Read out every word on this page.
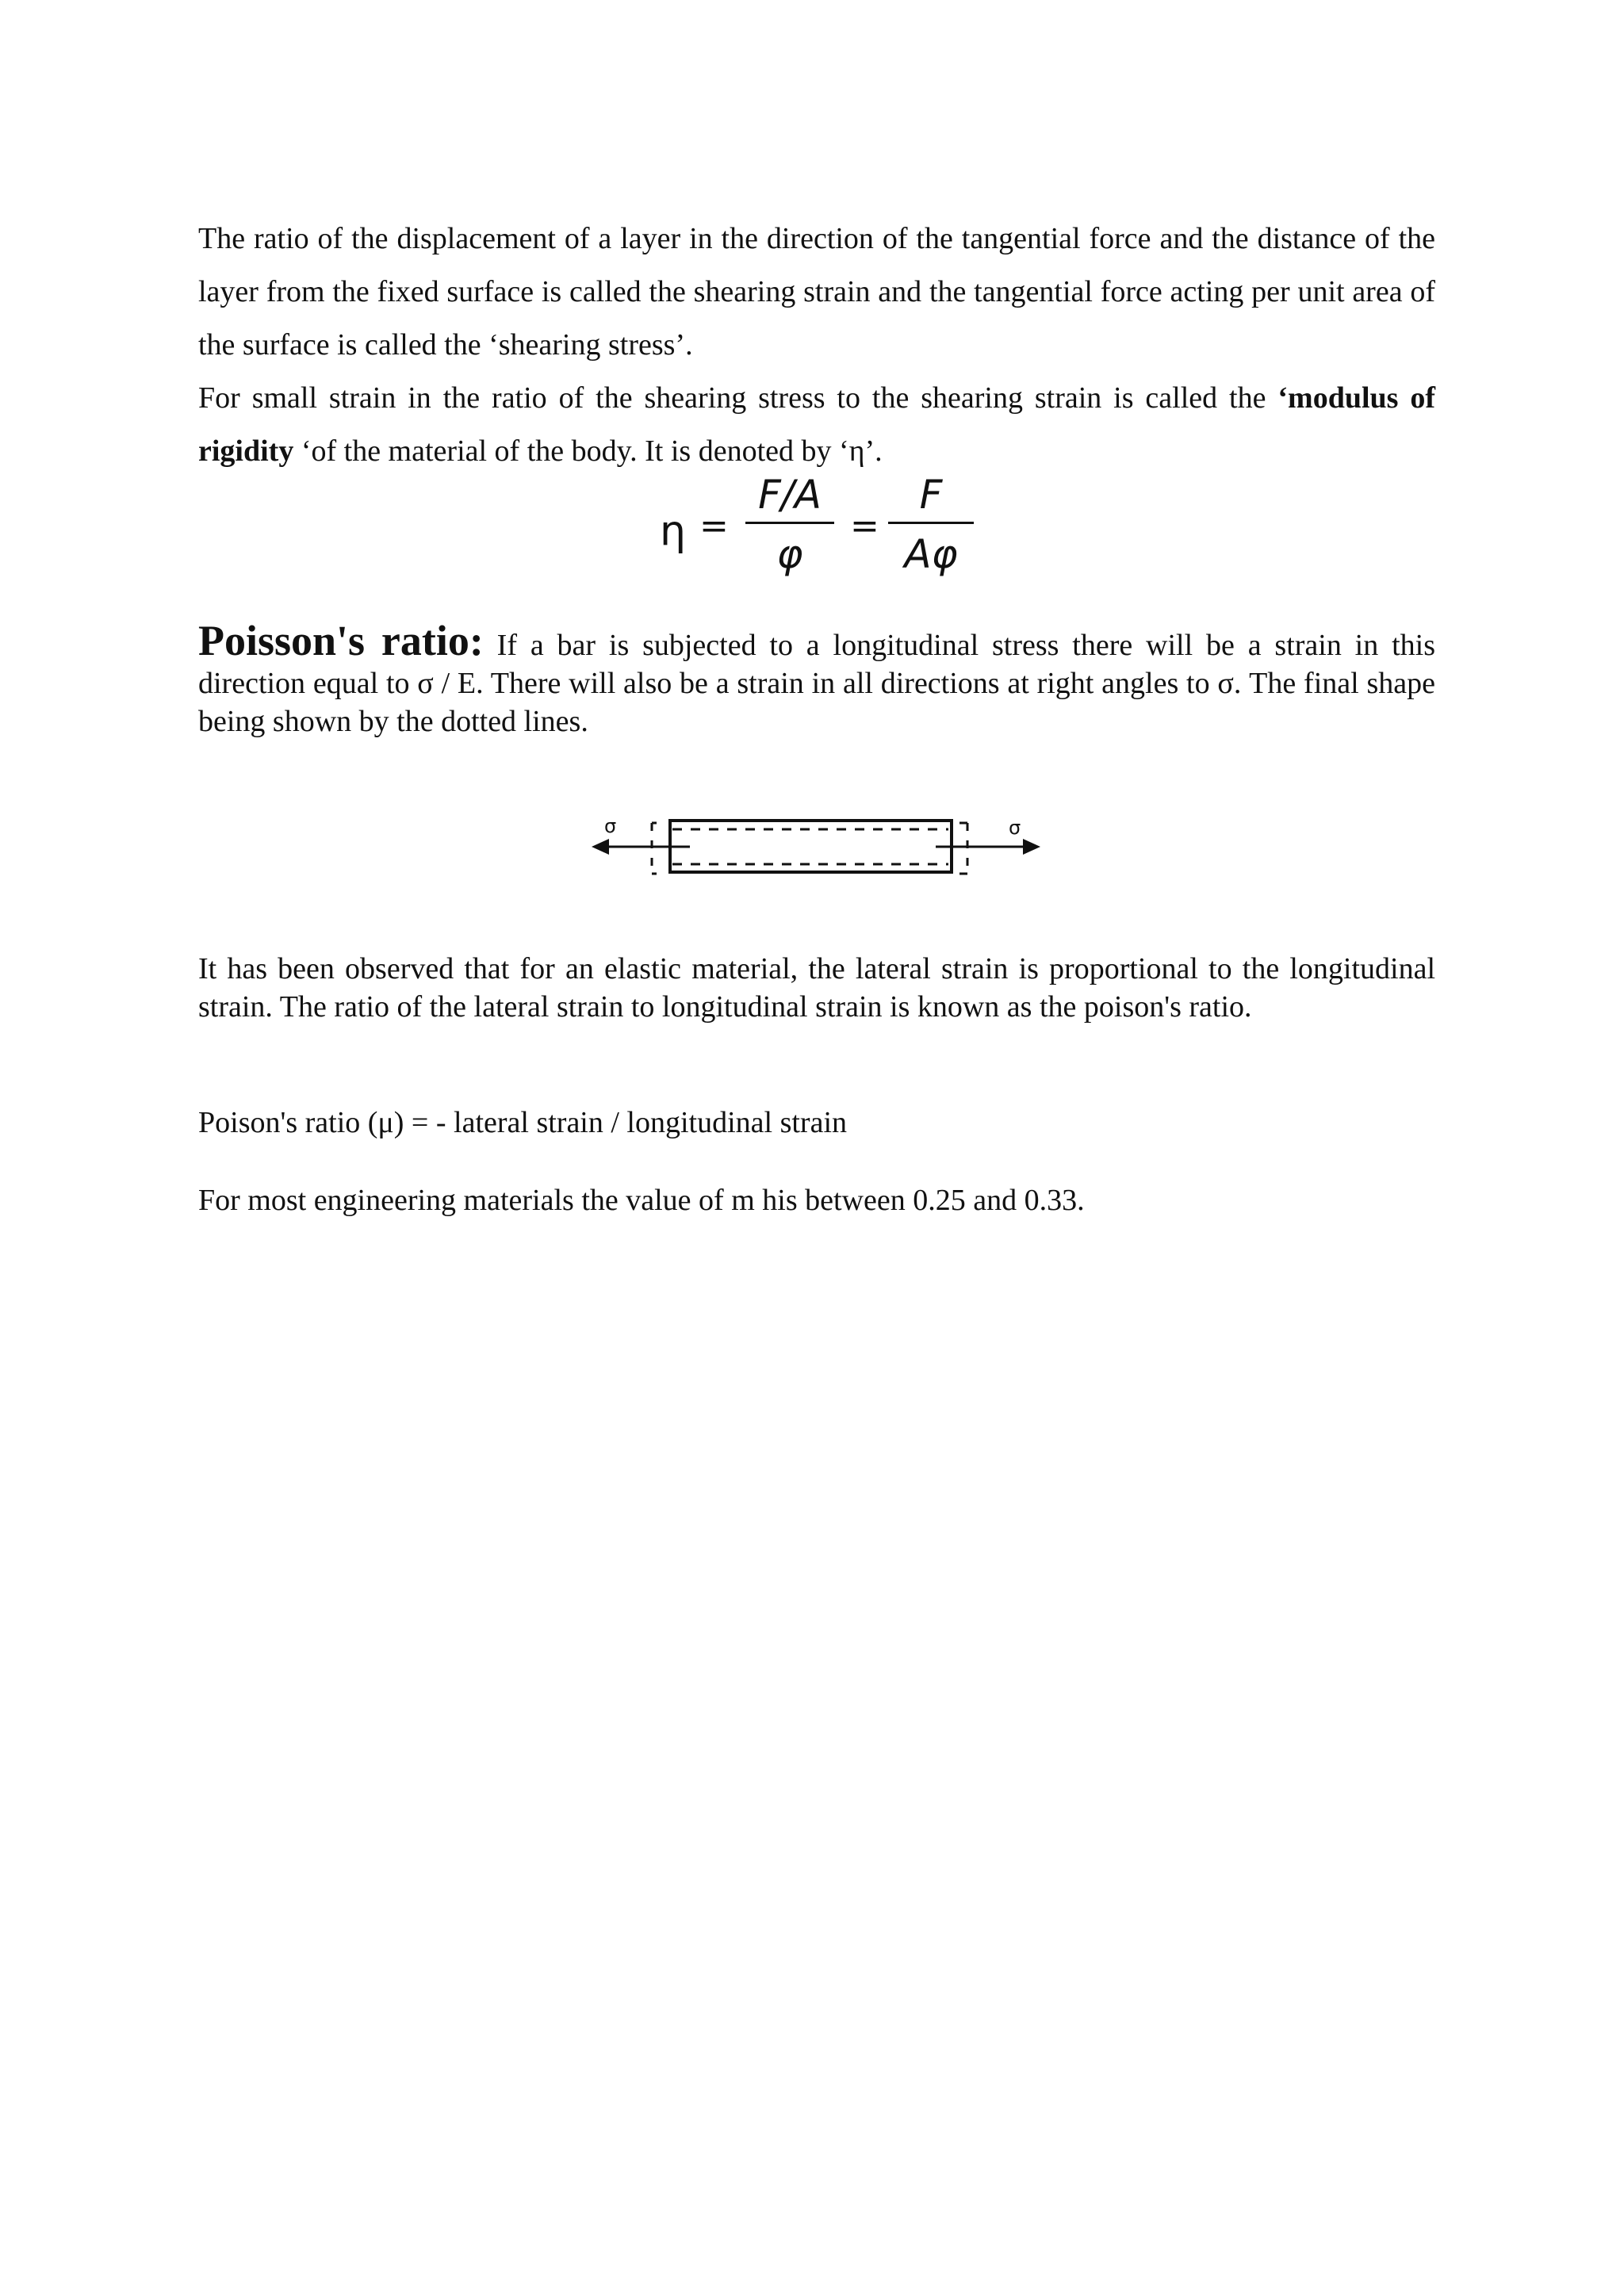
The ratio of the displacement of a layer in the direction of the tangential force and the distance of the layer from the fixed surface is called the shearing strain and the tangential force acting per unit area of the surface is called the ‘shearing stress’.
For small strain in the ratio of the shearing stress to the shearing strain is called the ‘modulus of rigidity ‘of the material of the body. It is denoted by ‘η’.
η =
F/A
φ
=
F
Aφ
Poisson's ratio: If a bar is subjected to a longitudinal stress there will be a strain in this direction equal to σ / E. There will also be a strain in all directions at right angles to σ. The final shape being shown by the dotted lines.
σ	σ
It has been observed that for an elastic material, the lateral strain is proportional to the longitudinal strain. The ratio of the lateral strain to longitudinal strain is known as the poison's ratio.
Poison's ratio (μ) = - lateral strain / longitudinal strain
For most engineering materials the value of m his between 0.25 and 0.33.
